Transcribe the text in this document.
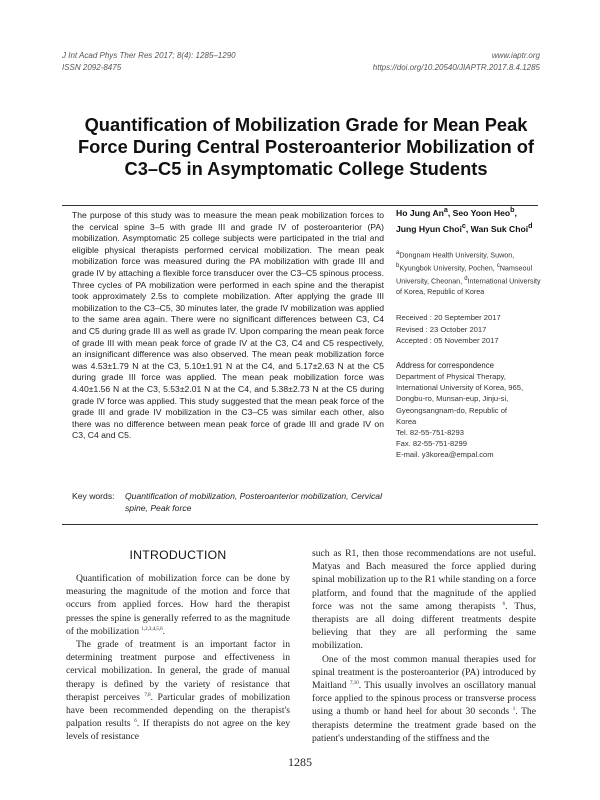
J Int Acad Phys Ther Res 2017; 8(4): 1285–1290
ISSN 2092-8475
www.iaptr.org
https://doi.org/10.20540/JIAPTR.2017.8.4.1285
Quantification of Mobilization Grade for Mean Peak Force During Central Posteroanterior Mobilization of C3–C5 in Asymptomatic College Students

The purpose of this study was to measure the mean peak mobilization forces to the cervical spine 3–5 with grade III and grade IV of posteroanterior (PA) mobilization. Asymptomatic 25 college subjects were participated in the trial and eligible physical therapists performed cervical mobilization. The mean peak mobilization force was measured during the PA mobilization with grade III and grade IV by attaching a flexible force transducer over the C3–C5 spinous process. Three cycles of PA mobilization were performed in each spine and the therapist took approximately 2.5s to complete mobilization. After applying the grade III mobilization to the C3–C5, 30 minutes later, the grade IV mobilization was applied to the same area again. There were no significant differences between C3, C4 and C5 during grade III as well as grade IV. Upon comparing the mean peak force of grade III with mean peak force of grade IV at the C3, C4 and C5 respectively, an insignificant difference was also observed. The mean peak mobilization force was 4.53±1.79 N at the C3, 5.10±1.91 N at the C4, and 5.17±2.63 N at the C5 during grade III force was applied. The mean peak mobilization force was 4.40±1.56 N at the C3, 5.53±2.01 N at the C4, and 5.38±2.73 N at the C5 during grade IV force was applied. This study suggested that the mean peak force of the grade III and grade IV mobilization in the C3–C5 was similar each other, also there was no difference between mean peak force of grade III and grade IV on C3, C4 and C5.

Ho Jung An$^a$, Seo Yoon Heo$^b$,
Jung Hyun Choi$^c$, Wan Suk Choi$^d$

$^a$Dongnam Health University, Suwon, $^b$Kyungbok University, Pochen, $^c$Namseoul University, Cheonan, $^d$International University of Korea, Republic of Korea

Received : 20 September 2017
Revised : 23 October 2017
Accepted : 05 November 2017
Address for correspondence
Department of Physical Therapy,
International University of Korea, 965,
Dongbu-ro, Munsan-eup, Jinju-si,
Gyeongsangnam-do, Republic of
Korea
Tel. 82-55-751-8293
Fax. 82-55-751-8299
E-mail. y3korea@empal.com
Key words: Quantification of mobilization, Posteroanterior mobilization, Cervical spine, Peak force
INTRODUCTION

Quantification of mobilization force can be done by measuring the magnitude of the motion and force that occurs from applied forces. How hard the therapist presses the spine is generally referred to as the magnitude of the mobilization $^{1,2,3,4,5,6}$.

The grade of treatment is an important factor in determining treatment purpose and effectiveness in cervical mobilization. In general, the grade of manual therapy is defined by the variety of resistance that therapist perceives $^{7,8}$. Particular grades of mobilization have been recommended depending on the therapist's palpation results $^6$. If therapists do not agree on the key levels of resistance

such as R1, then those recommendations are not useful. Matyas and Bach measured the force applied during spinal mobilization up to the R1 while standing on a force platform, and found that the magnitude of the applied force was not the same among therapists $^6$. Thus, therapists are all doing different treatments despite believing that they are all performing the same mobilization.

One of the most common manual therapies used for spinal treatment is the posteroanterior (PA) introduced by Maitland $^{7,10}$. This usually involves an oscillatory manual force applied to the spinous process or transverse process using a thumb or hand heel for about 30 seconds $^1$. The therapists determine the treatment grade based on the patient's understanding of the stiffness and the

1285
